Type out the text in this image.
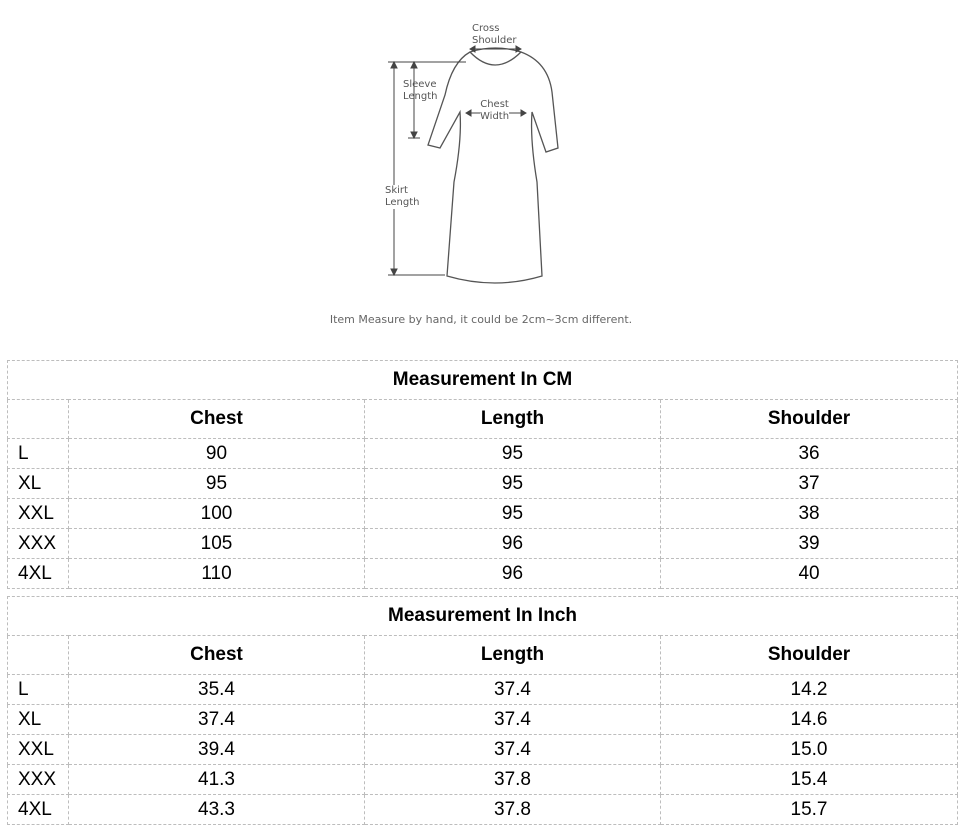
Cross
Shoulder
Sleeve
Length
Chest
Width
Skirt
Length
Item Measure by hand, it could be 2cm~3cm different.
Measurement In CM			
	Chest	Length	Shoulder
L	90	95	36
XL	95	95	37
XXL	100	95	38
XXX	105	96	39
4XL	110	96	40
Measurement In Inch			
	Chest	Length	Shoulder
L	35.4	37.4	14.2
XL	37.4	37.4	14.6
XXL	39.4	37.4	15.0
XXX	41.3	37.8	15.4
4XL	43.3	37.8	15.7
